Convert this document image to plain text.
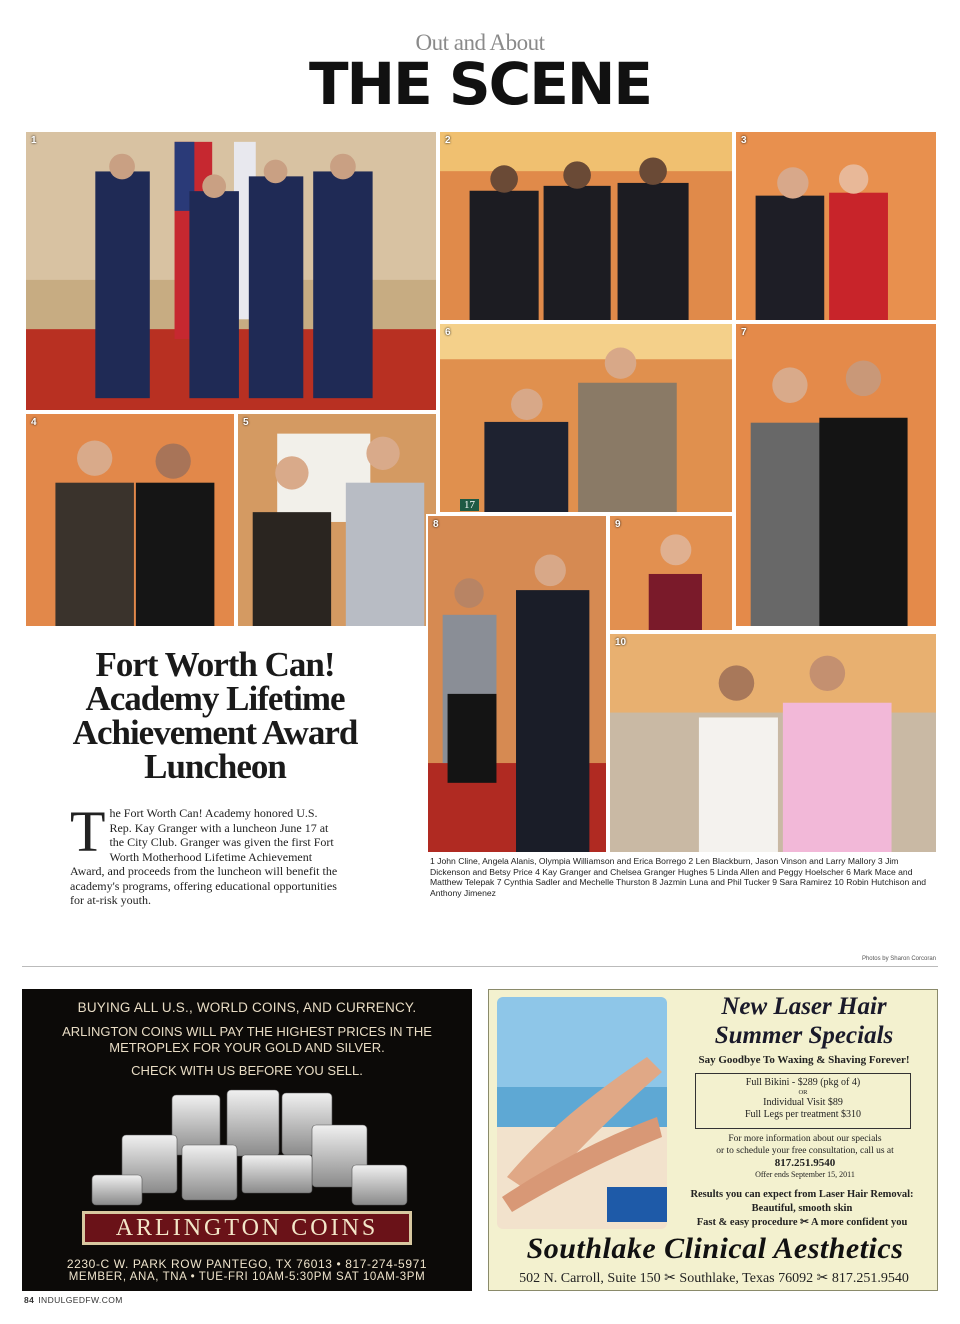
Out and About
THE SCENE
1	2	3
4	5
6
17
7
8	9
10
Fort Worth Can!
Academy Lifetime
Achievement Award
Luncheon
T he Fort Worth Can! Academy honored U.S. Rep. Kay Granger with a luncheon June 17 at the City Club. Granger was given the first Fort Worth Motherhood Lifetime Achievement Award, and proceeds from the luncheon will benefit the academy's programs, offering educational opportunities for at-risk youth.
1 John Cline, Angela Alanis, Olympia Williamson and Erica Borrego 2 Len Blackburn, Jason Vinson and Larry Mallory 3 Jim Dickenson and Betsy Price 4 Kay Granger and Chelsea Granger Hughes 5 Linda Allen and Peggy Hoelscher 6 Mark Mace and Matthew Telepak 7 Cynthia Sadler and Mechelle Thurston 8 Jazmin Luna and Phil Tucker 9 Sara Ramirez 10 Robin Hutchison and Anthony Jimenez
Photos by Sharon Corcoran
BUYING ALL U.S., WORLD COINS, AND CURRENCY.
ARLINGTON COINS WILL PAY THE HIGHEST PRICES IN THE
METROPLEX FOR YOUR GOLD AND SILVER.
CHECK WITH US BEFORE YOU SELL.
ARLINGTON COINS
2230-C W. PARK ROW PANTEGO, TX 76013 • 817-274-5971
MEMBER, ANA, TNA • TUE-FRI 10AM-5:30PM SAT 10AM-3PM
New Laser Hair
Summer Specials
Say Goodbye To Waxing & Shaving Forever!
Full Bikini - $289 (pkg of 4)
OR
Individual Visit $89
Full Legs per treatment $310
For more information about our specials
or to schedule your free consultation, call us at
817.251.9540
Offer ends September 15, 2011
Results you can expect from Laser Hair Removal:
Beautiful, smooth skin
Fast & easy procedure ✂ A more confident you
Southlake Clinical Aesthetics
502 N. Carroll, Suite 150 ✂ Southlake, Texas 76092 ✂ 817.251.9540
84 INDULGEDFW.COM
